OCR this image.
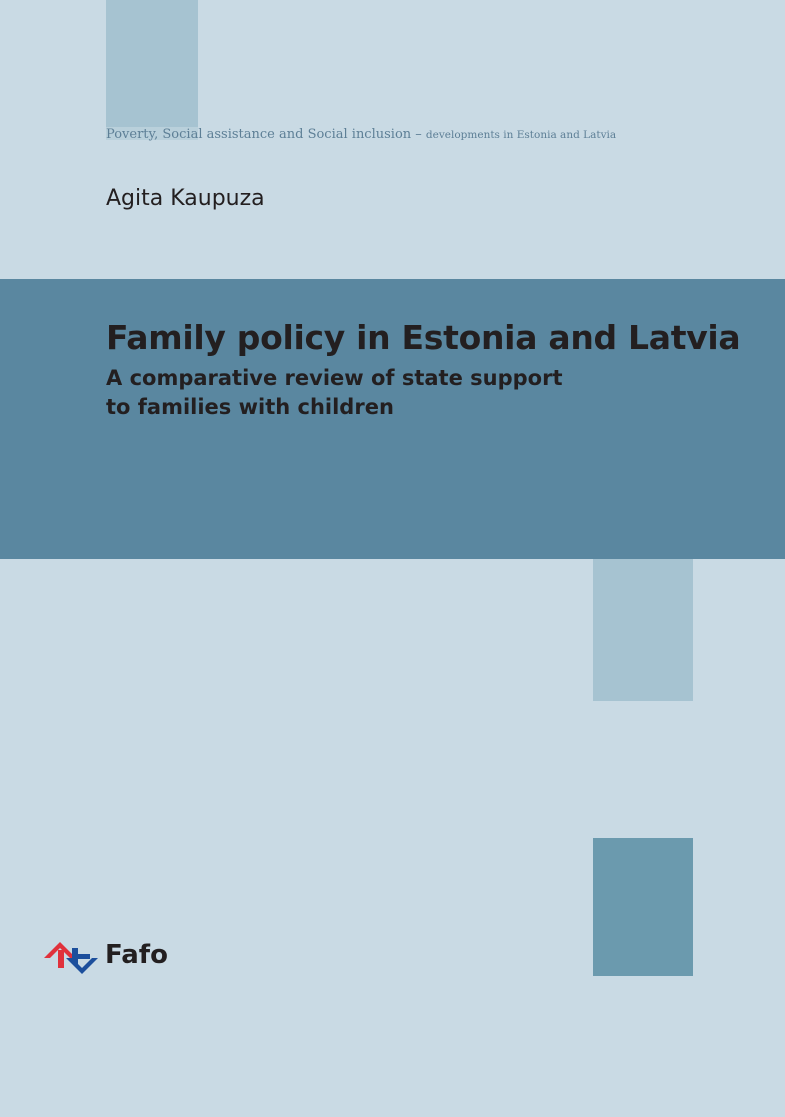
Poverty, Social assistance and Social inclusion – developments in Estonia and Latvia
Agita Kaupuza
Family policy in Estonia and Latvia
A comparative review of state support
to families with children
Fafo
